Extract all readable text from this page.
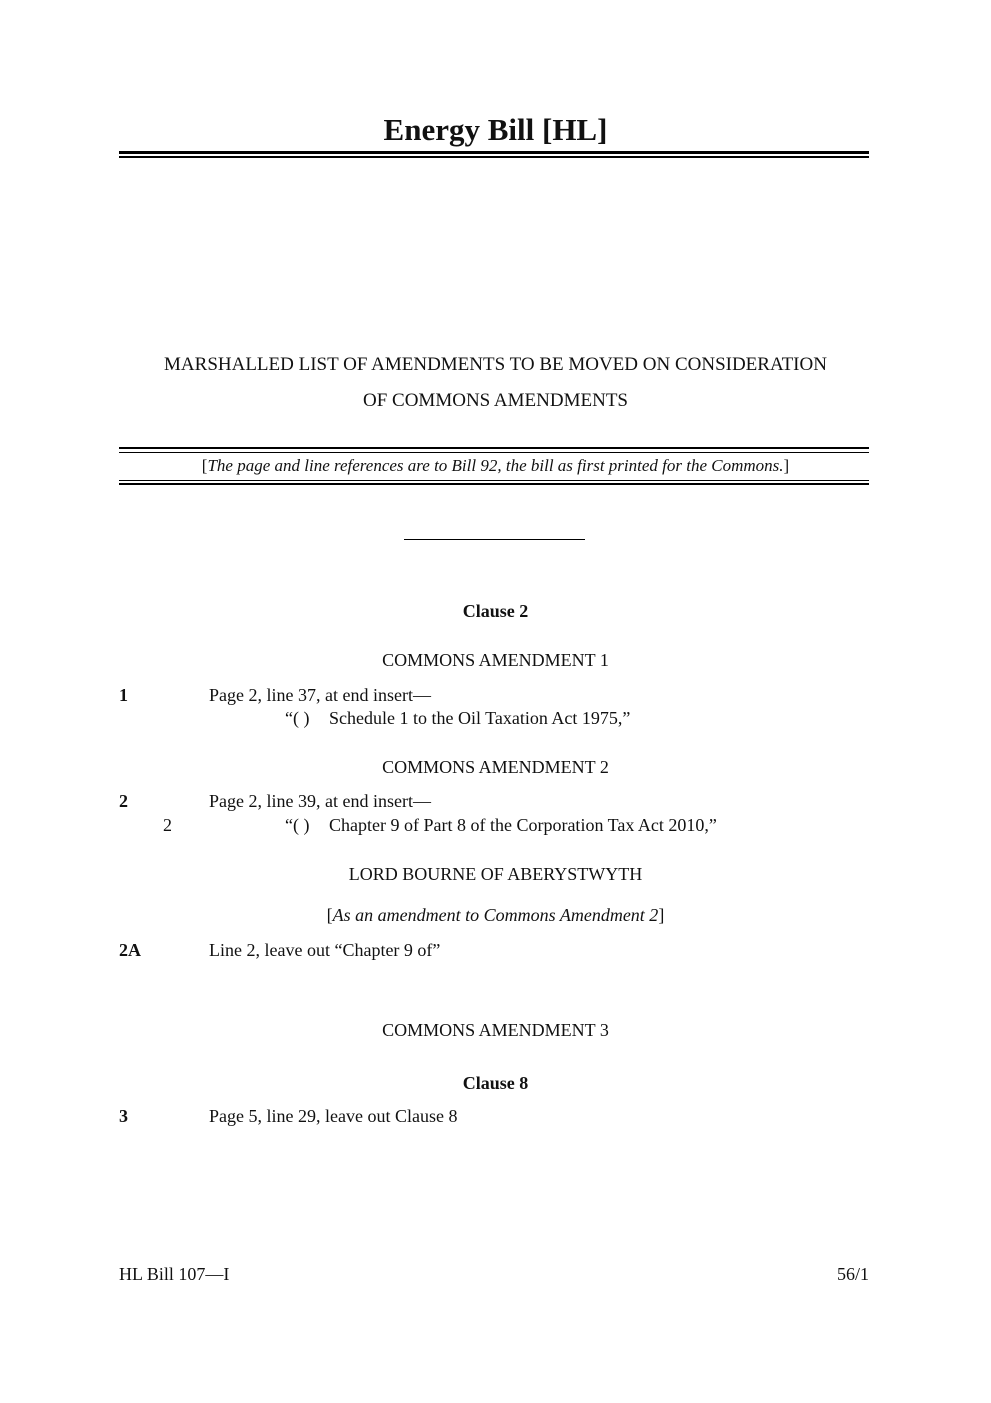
Energy Bill [HL]
MARSHALLED LIST OF AMENDMENTS TO BE MOVED ON CONSIDERATION
OF COMMONS AMENDMENTS
[The page and line references are to Bill 92, the bill as first printed for the Commons.]
Clause 2
COMMONS AMENDMENT 1
1	Page 2, line 37, at end insert—
“( ) Schedule 1 to the Oil Taxation Act 1975,”
COMMONS AMENDMENT 2
2	Page 2, line 39, at end insert—
2	“( ) Chapter 9 of Part 8 of the Corporation Tax Act 2010,”
LORD BOURNE OF ABERYSTWYTH
[As an amendment to Commons Amendment 2]
2A	Line 2, leave out “Chapter 9 of”
COMMONS AMENDMENT 3
Clause 8
3	Page 5, line 29, leave out Clause 8
HL Bill 107—I	56/1
